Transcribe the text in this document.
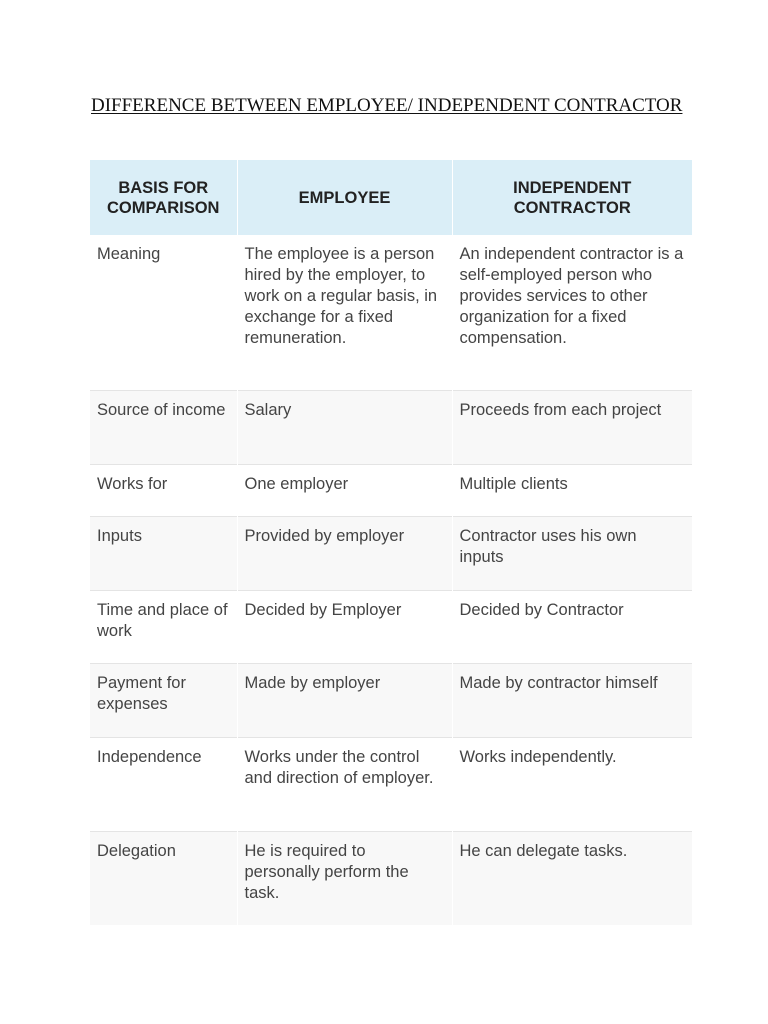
DIFFERENCE BETWEEN EMPLOYEE/ INDEPENDENT CONTRACTOR
BASIS FOR COMPARISON	EMPLOYEE	INDEPENDENT CONTRACTOR
Meaning	The employee is a person hired by the employer, to work on a regular basis, in exchange for a fixed remuneration.	An independent contractor is a self-employed person who provides services to other organization for a fixed compensation.
Source of income	Salary	Proceeds from each project
Works for	One employer	Multiple clients
Inputs	Provided by employer	Contractor uses his own inputs
Time and place of work	Decided by Employer	Decided by Contractor
Payment for expenses	Made by employer	Made by contractor himself
Independence	Works under the control and direction of employer.	Works independently.
Delegation	He is required to personally perform the task.	He can delegate tasks.
